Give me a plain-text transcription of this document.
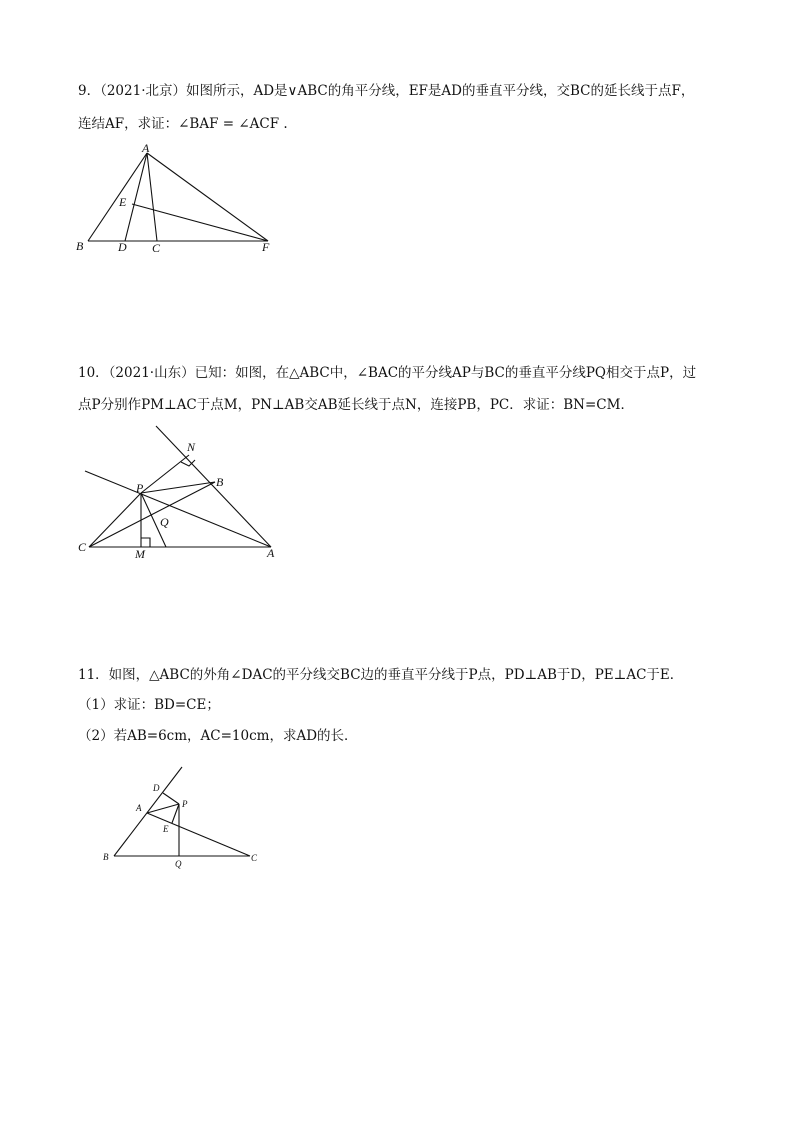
9．（2021·北京）如图所示，AD是∨ABC的角平分线，EF是AD的垂直平分线，交BC的延长线于点F，
连结AF，求证：∠BAF = ∠ACF .
A
B	D C
E
F
10．（2021·山东）已知：如图，在△ABC中，∠BAC的平分线AP与BC的垂直平分线PQ相交于点P，过
点P分别作PM⊥AC于点M，PN⊥AB交AB延长线于点N，连接PB，PC．求证：BN=CM．
N
B
P
Q
C	M	A
11．如图，△ABC的外角∠DAC的平分线交BC边的垂直平分线于P点，PD⊥AB于D，PE⊥AC于E．
（1）求证：BD=CE；
（2）若AB=6cm，AC=10cm，求AD的长．
D
A	P
E
B
Q
C
